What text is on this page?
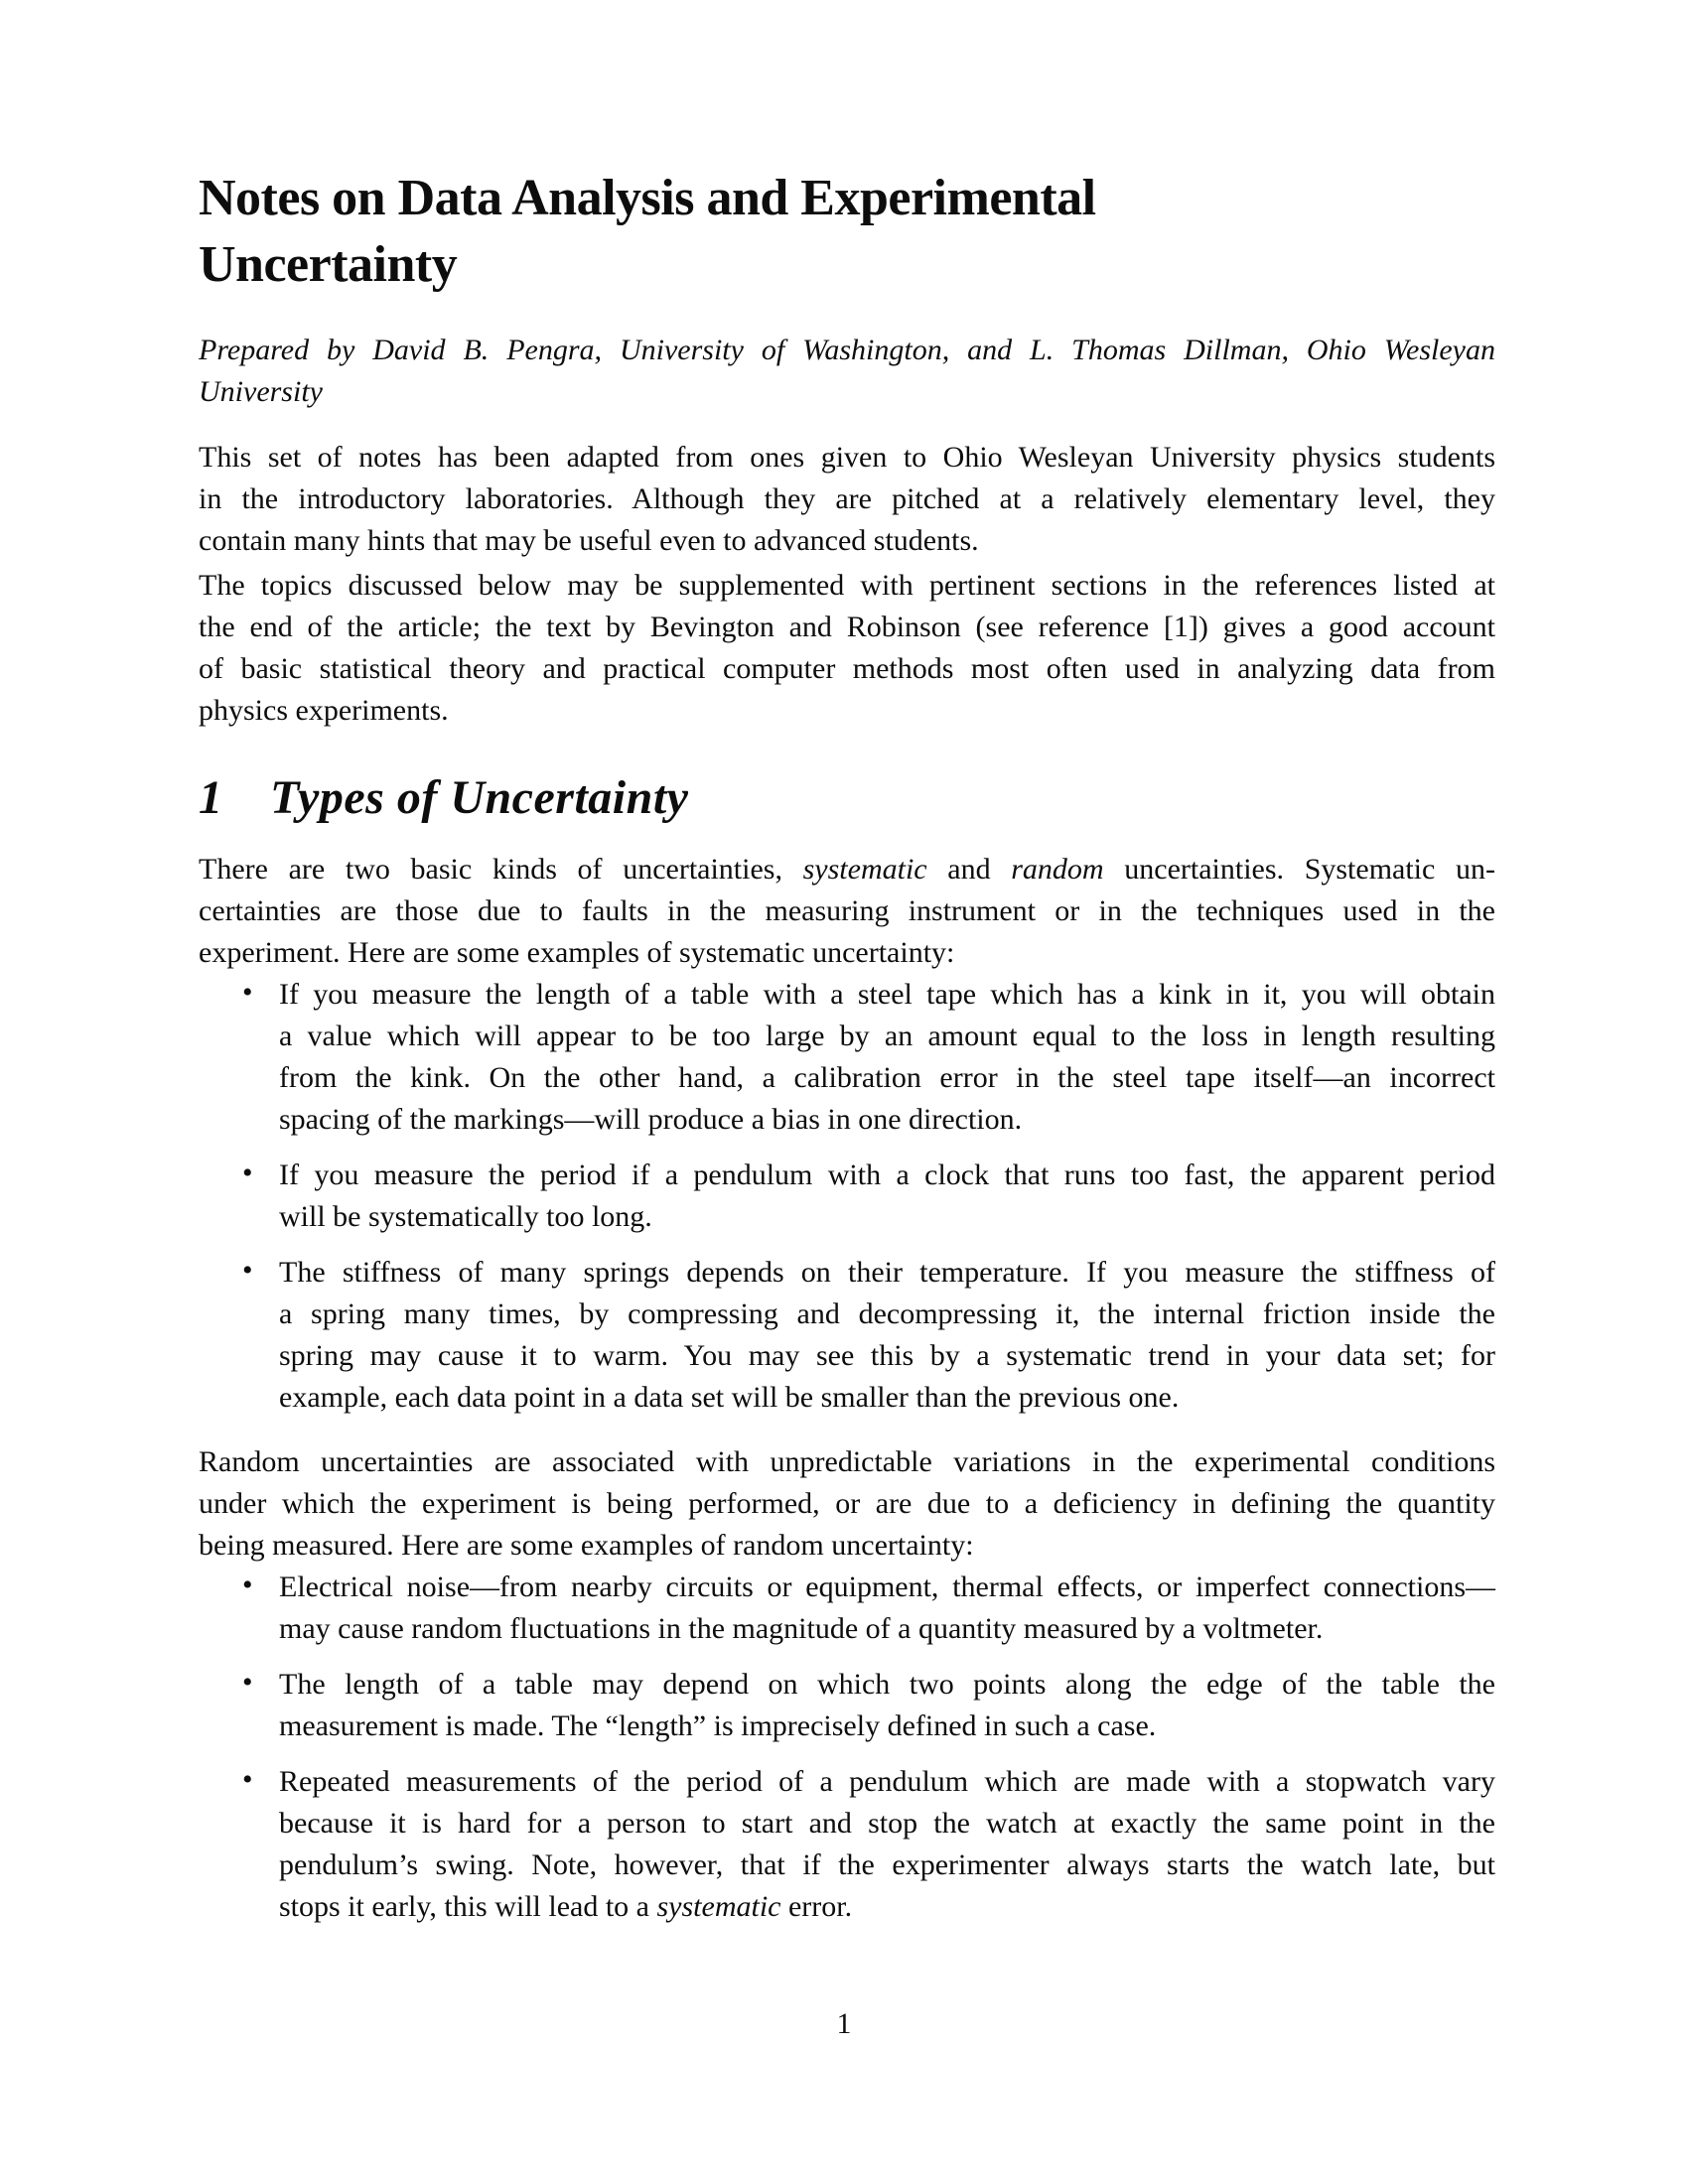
Notes on Data Analysis and Experimental
Uncertainty
Prepared by David B. Pengra, University of Washington, and L. Thomas Dillman, Ohio Wesleyan
University
This set of notes has been adapted from ones given to Ohio Wesleyan University physics students
in the introductory laboratories. Although they are pitched at a relatively elementary level, they
contain many hints that may be useful even to advanced students.
The topics discussed below may be supplemented with pertinent sections in the references listed at
the end of the article; the text by Bevington and Robinson (see reference [1]) gives a good account
of basic statistical theory and practical computer methods most often used in analyzing data from
physics experiments.
1 Types of Uncertainty
There are two basic kinds of uncertainties, systematic and random uncertainties. Systematic un-
certainties are those due to faults in the measuring instrument or in the techniques used in the
experiment. Here are some examples of systematic uncertainty:
• If you measure the length of a table with a steel tape which has a kink in it, you will obtain
a value which will appear to be too large by an amount equal to the loss in length resulting
from the kink. On the other hand, a calibration error in the steel tape itself—an incorrect
spacing of the markings—will produce a bias in one direction.
• If you measure the period if a pendulum with a clock that runs too fast, the apparent period
will be systematically too long.
• The stiffness of many springs depends on their temperature. If you measure the stiffness of
a spring many times, by compressing and decompressing it, the internal friction inside the
spring may cause it to warm. You may see this by a systematic trend in your data set; for
example, each data point in a data set will be smaller than the previous one.
Random uncertainties are associated with unpredictable variations in the experimental conditions
under which the experiment is being performed, or are due to a deficiency in defining the quantity
being measured. Here are some examples of random uncertainty:
• Electrical noise—from nearby circuits or equipment, thermal effects, or imperfect connections—
may cause random fluctuations in the magnitude of a quantity measured by a voltmeter.
• The length of a table may depend on which two points along the edge of the table the
measurement is made. The “length” is imprecisely defined in such a case.
• Repeated measurements of the period of a pendulum which are made with a stopwatch vary
because it is hard for a person to start and stop the watch at exactly the same point in the
pendulum’s swing. Note, however, that if the experimenter always starts the watch late, but
stops it early, this will lead to a systematic error.
1
